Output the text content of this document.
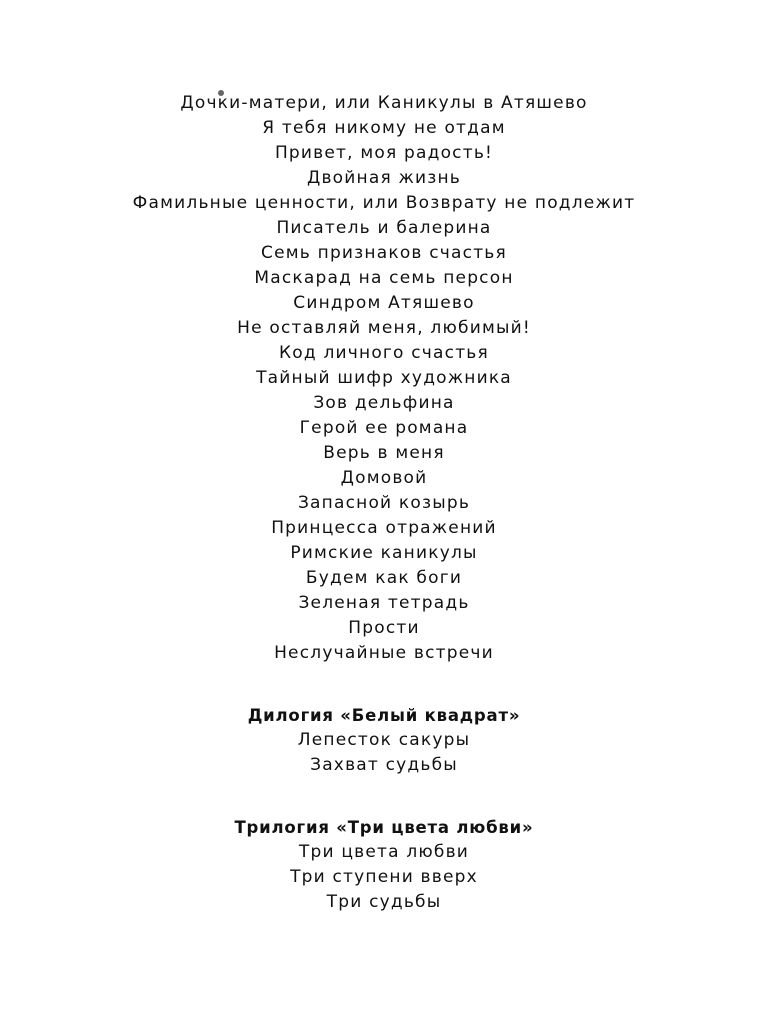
Дочки-матери, или Каникулы в Атяшево
Я тебя никому не отдам
Привет, моя радость!
Двойная жизнь
Фамильные ценности, или Возврату не подлежит
Писатель и балерина
Семь признаков счастья
Маскарад на семь персон
Синдром Атяшево
Не оставляй меня, любимый!
Код личного счастья
Тайный шифр художника
Зов дельфина
Герой ее романа
Верь в меня
Домовой
Запасной козырь
Принцесса отражений
Римские каникулы
Будем как боги
Зеленая тетрадь
Прости
Неслучайные встречи
Дилогия «Белый квадрат»
Лепесток сакуры
Захват судьбы
Трилогия «Три цвета любви»
Три цвета любви
Три ступени вверх
Три судьбы
